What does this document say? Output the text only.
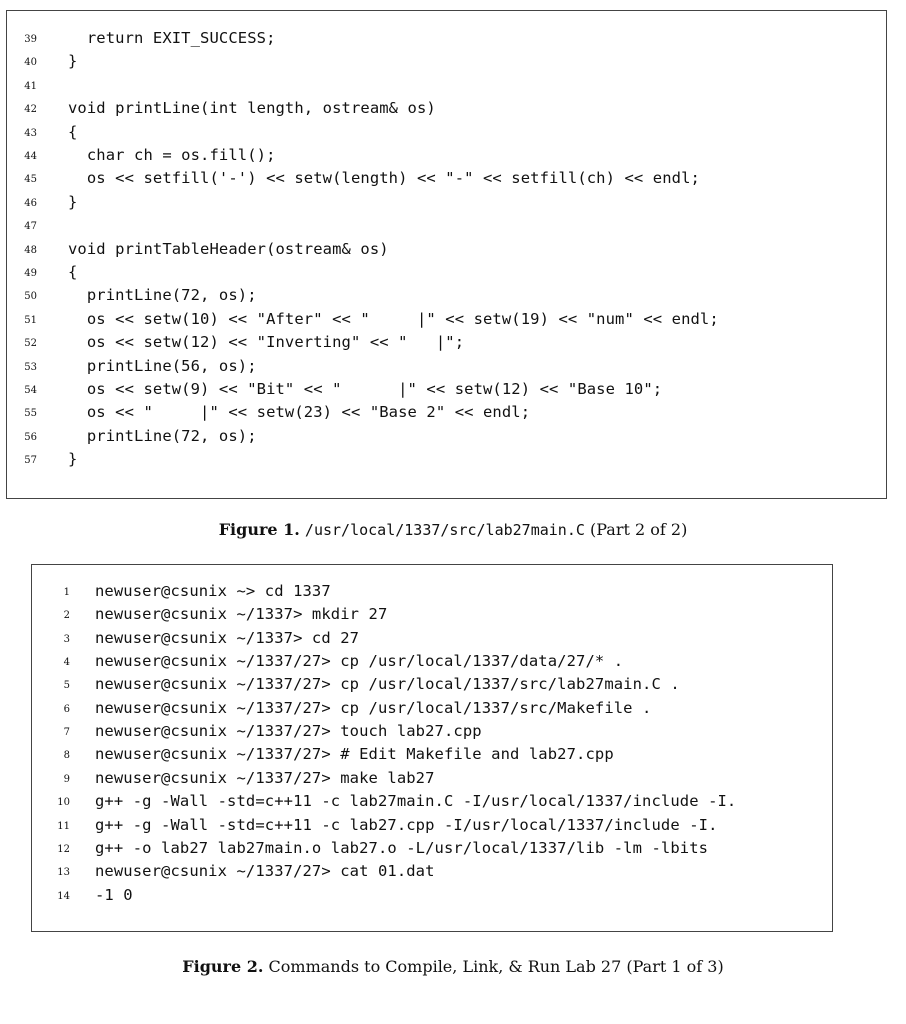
39 return EXIT_SUCCESS;
40 }
41
42 void printLine(int length, ostream& os)
43 {
44 char ch = os.fill();
45 os << setfill('-') << setw(length) << "-" << setfill(ch) << endl;
46 }
47
48 void printTableHeader(ostream& os)
49 {
50 printLine(72, os);
51 os << setw(10) << "After" << "     |" << setw(19) << "num" << endl;
52 os << setw(12) << "Inverting" << "   |";
53 printLine(56, os);
54 os << setw(9) << "Bit" << "      |" << setw(12) << "Base 10";
55 os << "     |" << setw(23) << "Base 2" << endl;
56 printLine(72, os);
57 }
Figure 1. /usr/local/1337/src/lab27main.C (Part 2 of 2)
1 newuser@csunix ~> cd 1337
2 newuser@csunix ~/1337> mkdir 27
3 newuser@csunix ~/1337> cd 27
4 newuser@csunix ~/1337/27> cp /usr/local/1337/data/27/* .
5 newuser@csunix ~/1337/27> cp /usr/local/1337/src/lab27main.C .
6 newuser@csunix ~/1337/27> cp /usr/local/1337/src/Makefile .
7 newuser@csunix ~/1337/27> touch lab27.cpp
8 newuser@csunix ~/1337/27> # Edit Makefile and lab27.cpp
9 newuser@csunix ~/1337/27> make lab27
10 g++ -g -Wall -std=c++11 -c lab27main.C -I/usr/local/1337/include -I.
11 g++ -g -Wall -std=c++11 -c lab27.cpp -I/usr/local/1337/include -I.
12 g++ -o lab27 lab27main.o lab27.o -L/usr/local/1337/lib -lm -lbits
13 newuser@csunix ~/1337/27> cat 01.dat
14 -1 0
Figure 2. Commands to Compile, Link, & Run Lab 27 (Part 1 of 3)
